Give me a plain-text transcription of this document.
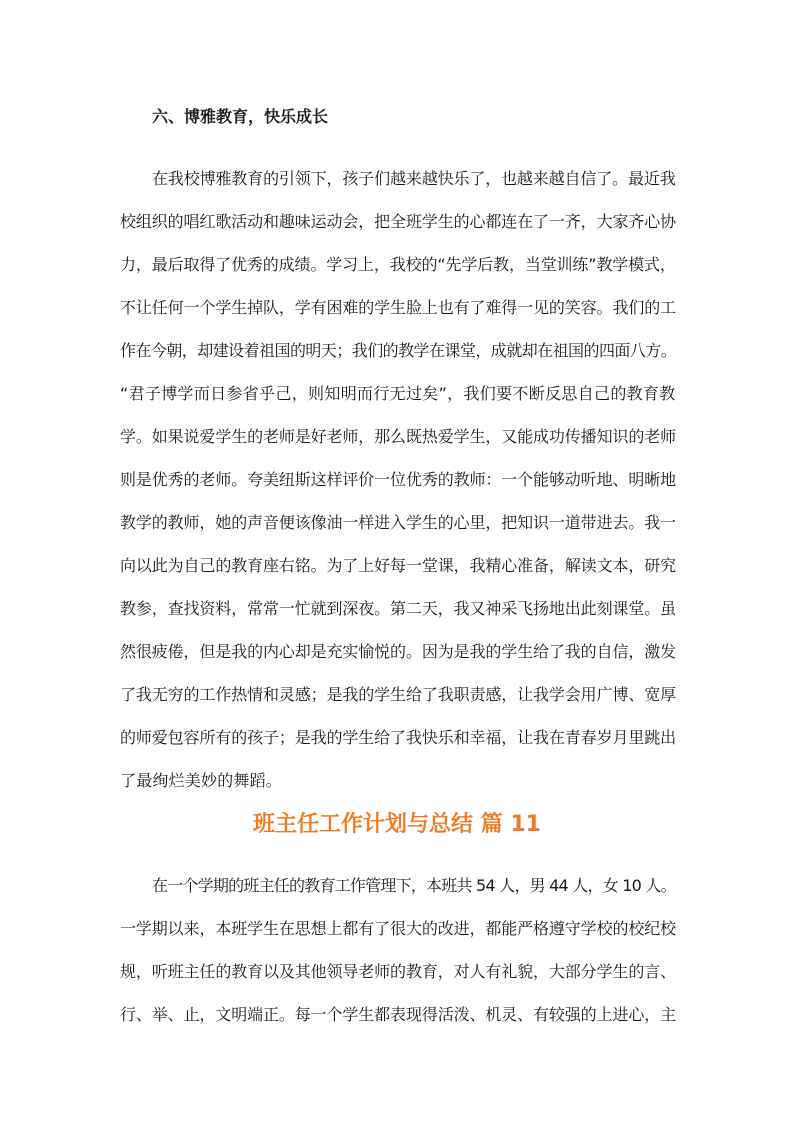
六、博雅教育，快乐成长

在我校博雅教育的引领下，孩子们越来越快乐了，也越来越自信了。最近我

校组织的唱红歌活动和趣味运动会，把全班学生的心都连在了一齐，大家齐心协

力，最后取得了优秀的成绩。学习上，我校的“先学后教，当堂训练”教学模式，

不让任何一个学生掉队，学有困难的学生脸上也有了难得一见的笑容。我们的工

作在今朝，却建设着祖国的明天；我们的教学在课堂，成就却在祖国的四面八方。

“君子博学而日参省乎己，则知明而行无过矣”，我们要不断反思自己的教育教

学。如果说爱学生的老师是好老师，那么既热爱学生，又能成功传播知识的老师

则是优秀的老师。夸美纽斯这样评价一位优秀的教师：一个能够动听地、明晰地

教学的教师，她的声音便该像油一样进入学生的心里，把知识一道带进去。我一

向以此为自己的教育座右铭。为了上好每一堂课，我精心准备，解读文本，研究

教参，查找资料，常常一忙就到深夜。第二天，我又神采飞扬地出此刻课堂。虽

然很疲倦，但是我的内心却是充实愉悦的。因为是我的学生给了我的自信，激发

了我无穷的工作热情和灵感；是我的学生给了我职责感，让我学会用广博、宽厚

的师爱包容所有的孩子；是我的学生给了我快乐和幸福，让我在青春岁月里跳出

了最绚烂美妙的舞蹈。

班主任工作计划与总结 篇 11

在一个学期的班主任的教育工作管理下，本班共 54 人，男 44 人，女 10 人。

一学期以来，本班学生在思想上都有了很大的改进，都能严格遵守学校的校纪校

规，听班主任的教育以及其他领导老师的教育，对人有礼貌，大部分学生的言、

行、举、止，文明端正。每一个学生都表现得活泼、机灵、有较强的上进心，主
